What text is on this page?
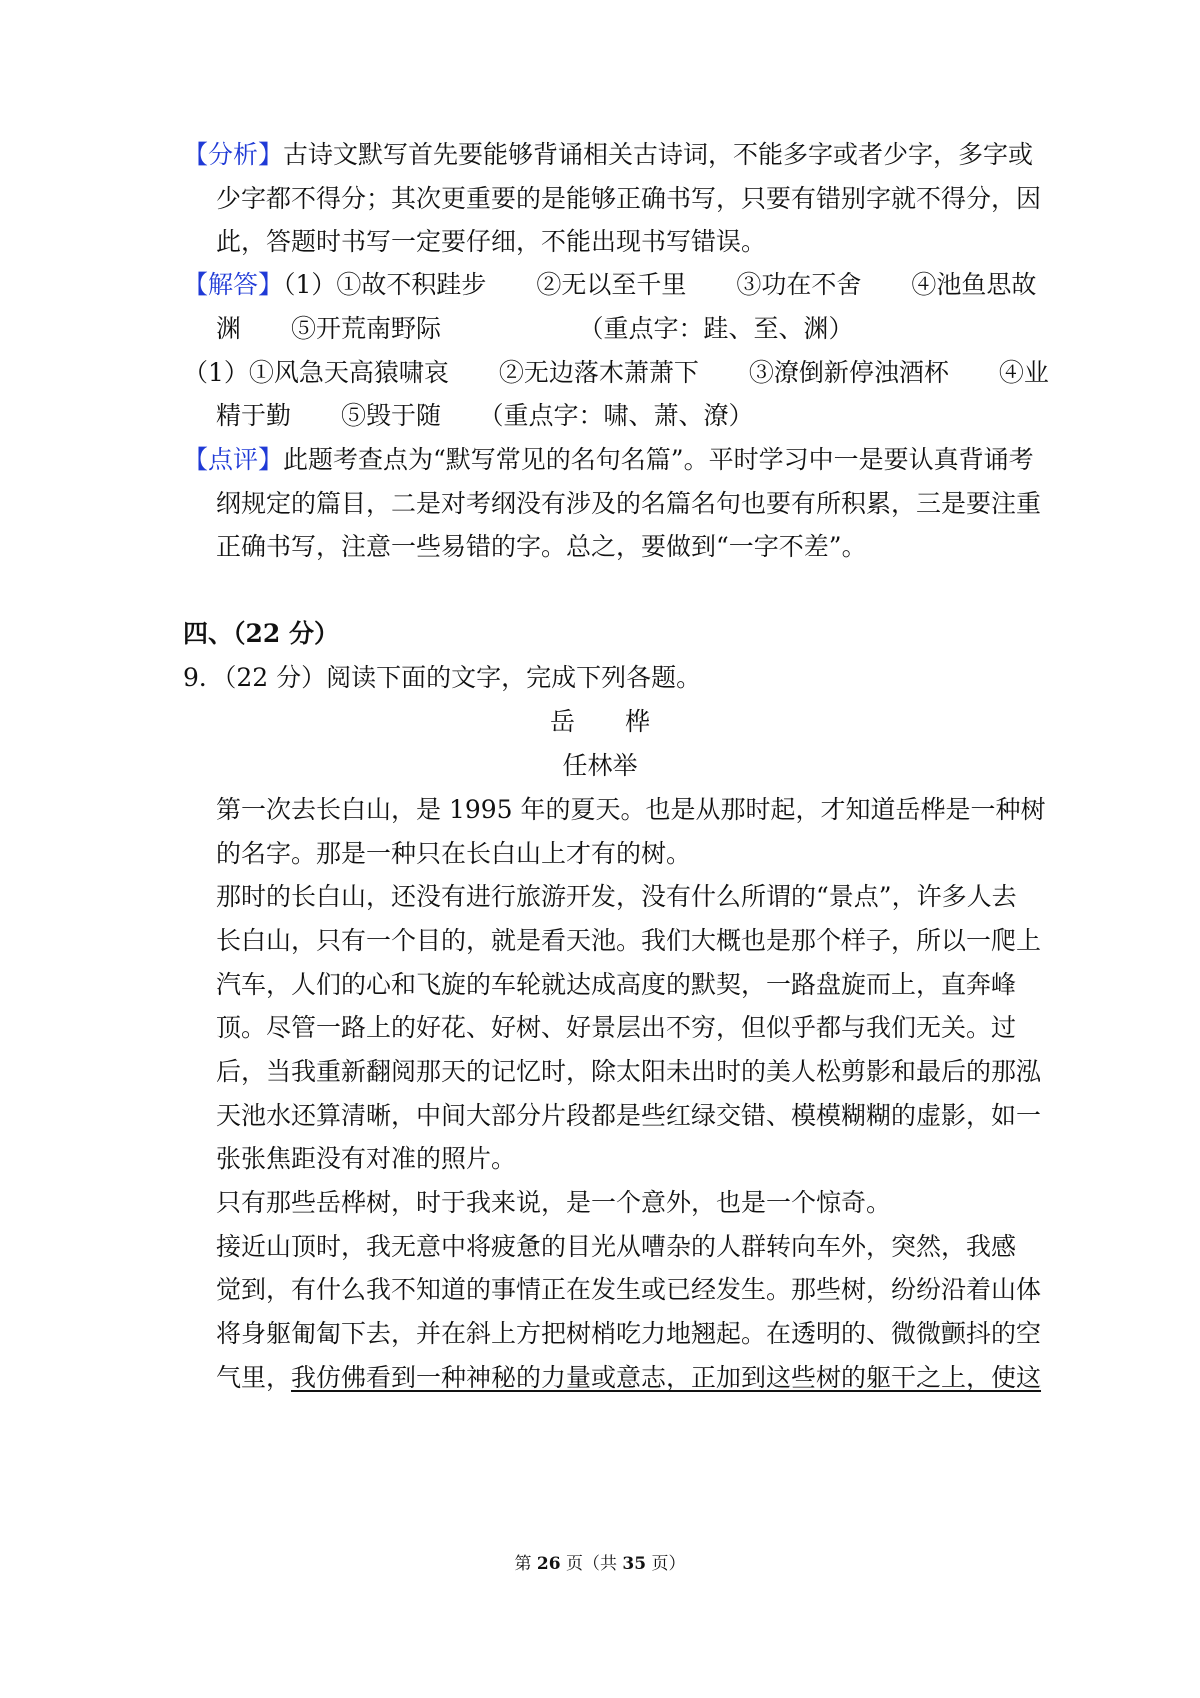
【分析】古诗文默写首先要能够背诵相关古诗词，不能多字或者少字，多字或
少字都不得分；其次更重要的是能够正确书写，只要有错别字就不得分，因
此，答题时书写一定要仔细，不能出现书写错误。
【解答】（1）①故不积跬步　　②无以至千里　　③功在不舍　　④池鱼思故
渊　　⑤开荒南野际　　　　　　（重点字：跬、至、渊）
（1）①风急天高猿啸哀　　②无边落木萧萧下　　③潦倒新停浊酒杯　　④业
精于勤　　⑤毁于随　　（重点字：啸、萧、潦）
【点评】此题考查点为“默写常见的名句名篇”。平时学习中一是要认真背诵考
纲规定的篇目，二是对考纲没有涉及的名篇名句也要有所积累，三是要注重
正确书写，注意一些易错的字。总之，要做到“一字不差”。
四、（22 分）
9．（22 分）阅读下面的文字，完成下列各题。
岳　　桦
任林举
第一次去长白山，是 1995 年的夏天。也是从那时起，才知道岳桦是一种树
的名字。那是一种只在长白山上才有的树。
那时的长白山，还没有进行旅游开发，没有什么所谓的“景点”，许多人去
长白山，只有一个目的，就是看天池。我们大概也是那个样子，所以一爬上
汽车，人们的心和飞旋的车轮就达成高度的默契，一路盘旋而上，直奔峰
顶。尽管一路上的好花、好树、好景层出不穷，但似乎都与我们无关。过
后，当我重新翻阅那天的记忆时，除太阳未出时的美人松剪影和最后的那泓
天池水还算清晰，中间大部分片段都是些红绿交错、模模糊糊的虚影，如一
张张焦距没有对准的照片。
只有那些岳桦树，时于我来说，是一个意外，也是一个惊奇。
接近山顶时，我无意中将疲惫的目光从嘈杂的人群转向车外，突然，我感
觉到，有什么我不知道的事情正在发生或已经发生。那些树，纷纷沿着山体
将身躯匍匐下去，并在斜上方把树梢吃力地翘起。在透明的、微微颤抖的空
气里，我仿佛看到一种神秘的力量或意志，正加到这些树的躯干之上，使这
第 26 页（共 35 页）
